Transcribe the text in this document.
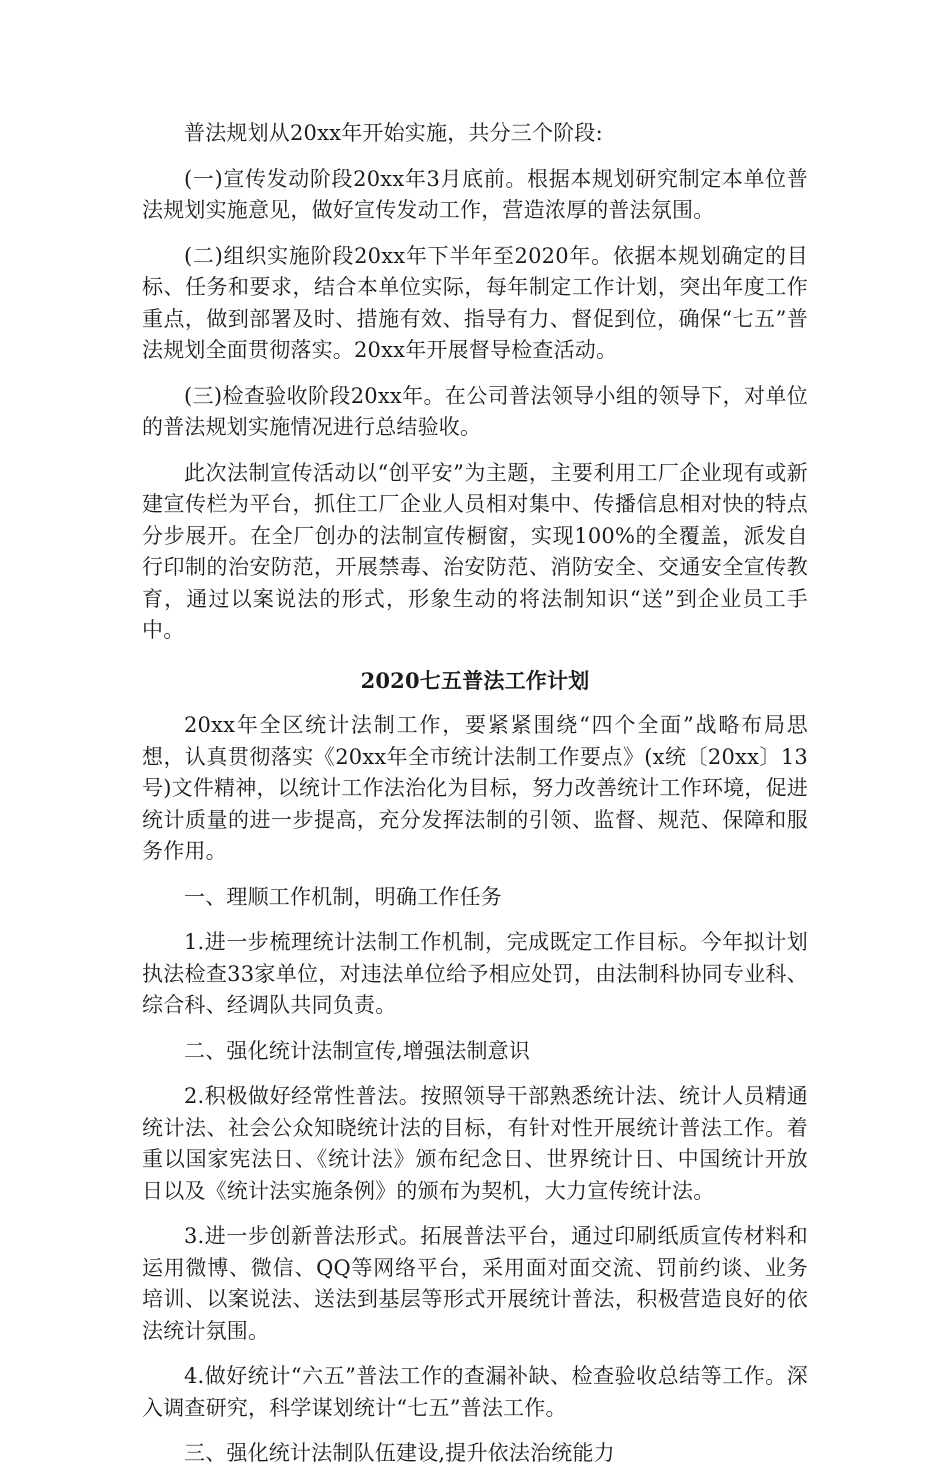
普法规划从20xx年开始实施，共分三个阶段:

(一)宣传发动阶段20xx年3月底前。根据本规划研究制定本单位普法规划实施意见，做好宣传发动工作，营造浓厚的普法氛围。

(二)组织实施阶段20xx年下半年至2020年。依据本规划确定的目标、任务和要求，结合本单位实际，每年制定工作计划，突出年度工作重点，做到部署及时、措施有效、指导有力、督促到位，确保“七五”普法规划全面贯彻落实。20xx年开展督导检查活动。

(三)检查验收阶段20xx年。在公司普法领导小组的领导下，对单位的普法规划实施情况进行总结验收。

此次法制宣传活动以“创平安”为主题，主要利用工厂企业现有或新建宣传栏为平台，抓住工厂企业人员相对集中、传播信息相对快的特点分步展开。在全厂创办的法制宣传橱窗，实现100%的全覆盖，派发自行印制的治安防范，开展禁毒、治安防范、消防安全、交通安全宣传教育，通过以案说法的形式，形象生动的将法制知识“送”到企业员工手中。

2020七五普法工作计划

20xx年全区统计法制工作，要紧紧围绕“四个全面”战略布局思想，认真贯彻落实《20xx年全市统计法制工作要点》(x统〔20xx〕13号)文件精神，以统计工作法治化为目标，努力改善统计工作环境，促进统计质量的进一步提高，充分发挥法制的引领、监督、规范、保障和服务作用。

一、理顺工作机制，明确工作任务

1.进一步梳理统计法制工作机制，完成既定工作目标。今年拟计划执法检查33家单位，对违法单位给予相应处罚，由法制科协同专业科、综合科、经调队共同负责。

二、强化统计法制宣传,增强法制意识

2.积极做好经常性普法。按照领导干部熟悉统计法、统计人员精通统计法、社会公众知晓统计法的目标，有针对性开展统计普法工作。着重以国家宪法日、《统计法》颁布纪念日、世界统计日、中国统计开放日以及《统计法实施条例》的颁布为契机，大力宣传统计法。

3.进一步创新普法形式。拓展普法平台，通过印刷纸质宣传材料和运用微博、微信、QQ等网络平台，采用面对面交流、罚前约谈、业务培训、以案说法、送法到基层等形式开展统计普法，积极营造良好的依法统计氛围。

4.做好统计“六五”普法工作的查漏补缺、检查验收总结等工作。深入调查研究，科学谋划统计“七五”普法工作。

三、强化统计法制队伍建设,提升依法治统能力
